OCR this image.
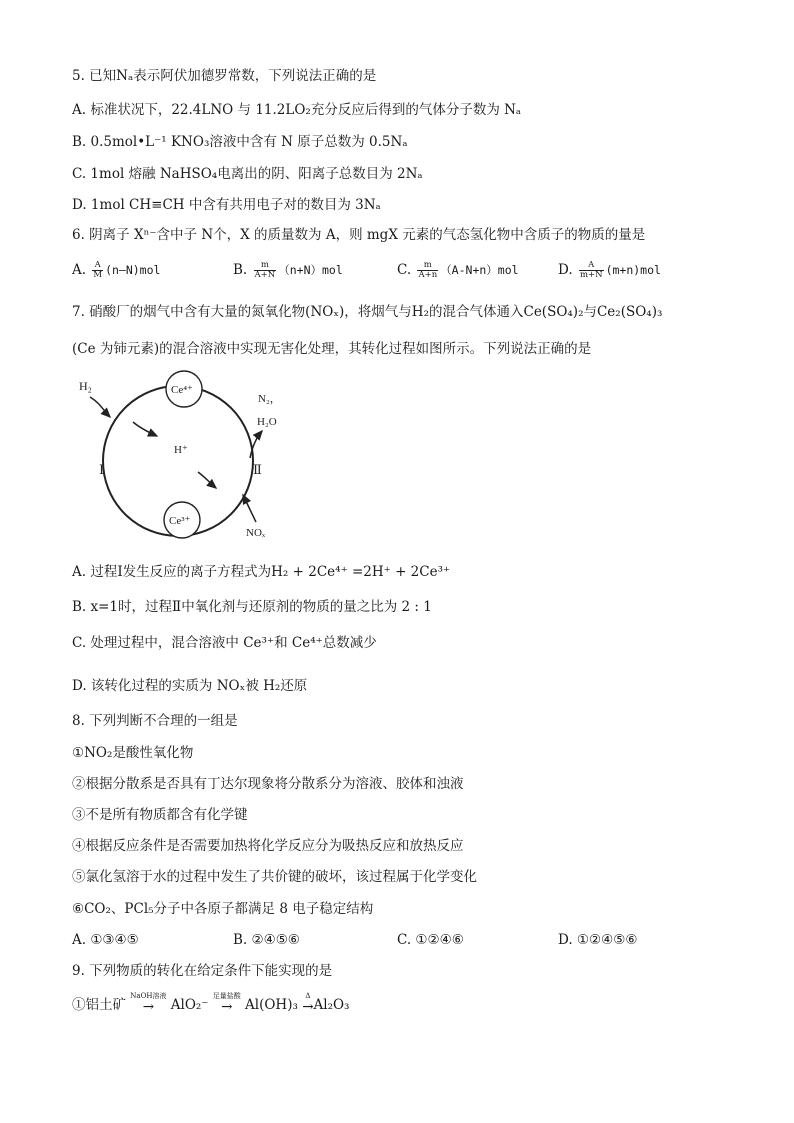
5. 已知Nₐ表示阿伏加德罗常数，下列说法正确的是
A. 标准状况下，22.4LNO 与 11.2LO₂充分反应后得到的气体分子数为 Nₐ
B. 0.5mol•L⁻¹ KNO₃溶液中含有 N 原子总数为 0.5Nₐ
C. 1mol 熔融 NaHSO₄电离出的阴、阳离子总数目为 2Nₐ
D. 1mol CH≡CH 中含有共用电子对的数目为 3Nₐ
6. 阴离子 Xⁿ⁻含中子 N个，X 的质量数为 A，则 mgX 元素的气态氢化物中含质子的物质的量是
A. $\frac{A}{M}$ (n—N)mol	B. $\frac{m}{A+N} (n+N)mol$	C. $\frac{m}{A+n} (A-N+n)mol$	D. $\frac{A}{m+N} (m+n)mol$
7. 硝酸厂的烟气中含有大量的氮氧化物(NOₓ)，将烟气与H₂的混合气体通入Ce(SO₄)₂与Ce₂(SO₄)₃
(Ce 为铈元素)的混合溶液中实现无害化处理，其转化过程如图所示。下列说法正确的是
Ce⁴⁺
Ce³⁺
H₂
H⁺
Ⅰ	Ⅱ
N₂，
H₂O
NOₓ
A. 过程Ⅰ发生反应的离子方程式为H₂ + 2Ce⁴⁺ =2H⁺ + 2Ce³⁺
B. x=1时，过程Ⅱ中氧化剂与还原剂的物质的量之比为 2 : 1
C. 处理过程中，混合溶液中 Ce³⁺和 Ce⁴⁺总数减少
D. 该转化过程的实质为 NOₓ被 H₂还原
8. 下列判断不合理的一组是
①NO₂是酸性氧化物
②根据分散系是否具有丁达尔现象将分散系分为溶液、胶体和浊液
③不是所有物质都含有化学键
④根据反应条件是否需要加热将化学反应分为吸热反应和放热反应
⑤氯化氢溶于水的过程中发生了共价键的破坏，该过程属于化学变化
⑥CO₂、PCl₅分子中各原子都满足 8 电子稳定结构
A. ①③④⑤	B. ②④⑤⑥	C. ①②④⑥	D. ①②④⑤⑥
9. 下列物质的转化在给定条件下能实现的是
①铝土矿
NaOH溶液
→	AlO₂⁻
足量盐酸
→ Al(OH)₃
Δ
→ Al₂O₃
